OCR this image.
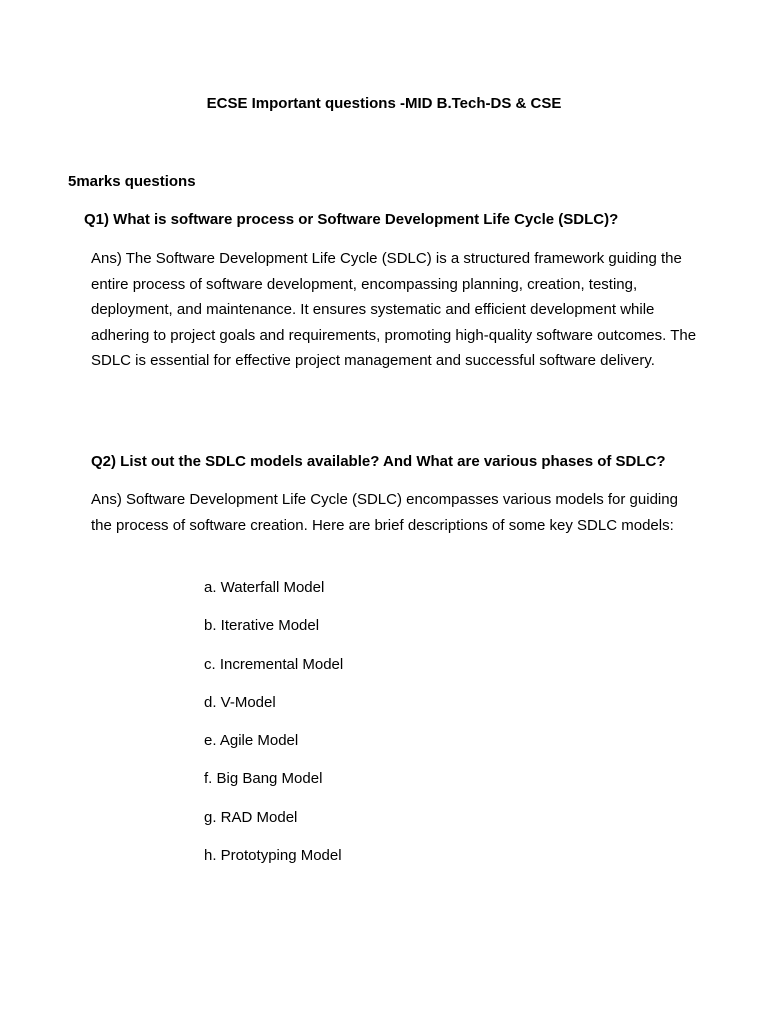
ECSE Important questions -MID B.Tech-DS & CSE
5marks questions
Q1) What is software process or Software Development Life Cycle (SDLC)?

Ans) The Software Development Life Cycle (SDLC) is a structured framework guiding the entire process of software development, encompassing planning, creation, testing, deployment, and maintenance. It ensures systematic and efficient development while adhering to project goals and requirements, promoting high-quality software outcomes. The SDLC is essential for effective project management and successful software delivery.

Q2) List out the SDLC models available? And What are various phases of SDLC?

Ans) Software Development Life Cycle (SDLC) encompasses various models for guiding the process of software creation. Here are brief descriptions of some key SDLC models:

a. Waterfall Model
b. Iterative Model
c. Incremental Model
d. V-Model
e. Agile Model
f. Big Bang Model
g. RAD Model
h. Prototyping Model
